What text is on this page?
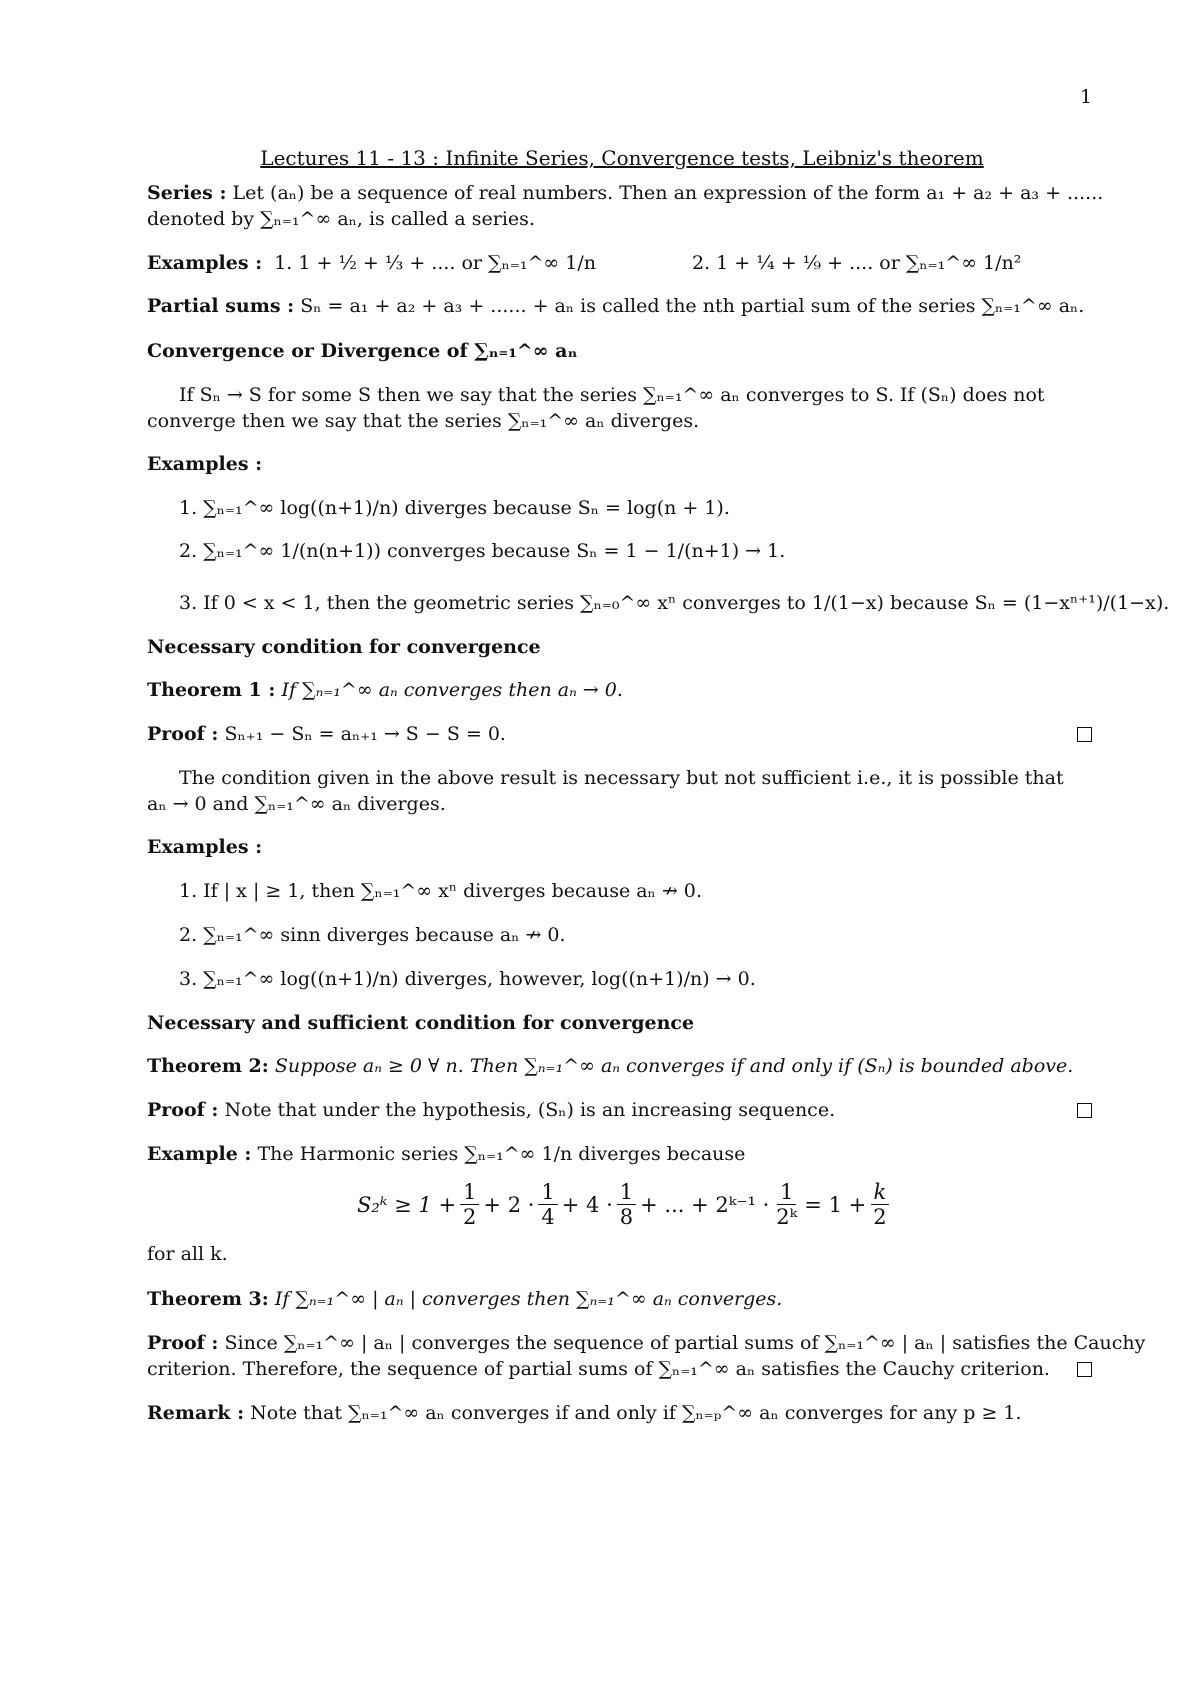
1
Lectures 11 - 13 : Infinite Series, Convergence tests, Leibniz's theorem
Series : Let (aₙ) be a sequence of real numbers. Then an expression of the form a₁ + a₂ + a₃ + ......
denoted by ∑ₙ₌₁^∞ aₙ, is called a series.
Examples : 1. 1 + ½ + ⅓ + .... or ∑ₙ₌₁^∞ 1/n	2. 1 + ¼ + ⅑ + .... or ∑ₙ₌₁^∞ 1/n²
Partial sums : Sₙ = a₁ + a₂ + a₃ + ...... + aₙ is called the nth partial sum of the series ∑ₙ₌₁^∞ aₙ.
Convergence or Divergence of ∑ₙ₌₁^∞ aₙ
If Sₙ → S for some S then we say that the series ∑ₙ₌₁^∞ aₙ converges to S. If (Sₙ) does not
converge then we say that the series ∑ₙ₌₁^∞ aₙ diverges.
Examples :
1. ∑ₙ₌₁^∞ log((n+1)/n) diverges because Sₙ = log(n + 1).
2. ∑ₙ₌₁^∞ 1/(n(n+1)) converges because Sₙ = 1 − 1/(n+1) → 1.
3. If 0 < x < 1, then the geometric series ∑ₙ₌₀^∞ xⁿ converges to 1/(1−x) because Sₙ = (1−xⁿ⁺¹)/(1−x).
Necessary condition for convergence
Theorem 1 : If ∑ₙ₌₁^∞ aₙ converges then aₙ → 0.
Proof : Sₙ₊₁ − Sₙ = aₙ₊₁ → S − S = 0.
The condition given in the above result is necessary but not sufficient i.e., it is possible that
aₙ → 0 and ∑ₙ₌₁^∞ aₙ diverges.
Examples :
1. If | x | ≥ 1, then ∑ₙ₌₁^∞ xⁿ diverges because aₙ ↛ 0.
2. ∑ₙ₌₁^∞ sinn diverges because aₙ ↛ 0.
3. ∑ₙ₌₁^∞ log((n+1)/n) diverges, however, log((n+1)/n) → 0.
Necessary and sufficient condition for convergence
Theorem 2: Suppose aₙ ≥ 0 ∀ n. Then ∑ₙ₌₁^∞ aₙ converges if and only if (Sₙ) is bounded above.
Proof : Note that under the hypothesis, (Sₙ) is an increasing sequence.
Example : The Harmonic series ∑ₙ₌₁^∞ 1/n diverges because
S₂ᵏ ≥ $1 + \frac{1}{2} + 2 \cdot \frac{1}{4} + 4 \cdot \frac{1}{8}$ + ... + 2ᵏ⁻¹ · $\frac{1}{\text{2ᵏ}} = 1 + \frac{k}{2}$
for all k.
Theorem 3: If ∑ₙ₌₁^∞ | aₙ | converges then ∑ₙ₌₁^∞ aₙ converges.
Proof : Since ∑ₙ₌₁^∞ | aₙ | converges the sequence of partial sums of ∑ₙ₌₁^∞ | aₙ | satisfies the Cauchy
criterion. Therefore, the sequence of partial sums of ∑ₙ₌₁^∞ aₙ satisfies the Cauchy criterion.
Remark : Note that ∑ₙ₌₁^∞ aₙ converges if and only if ∑ₙ₌ₚ^∞ aₙ converges for any p ≥ 1.
